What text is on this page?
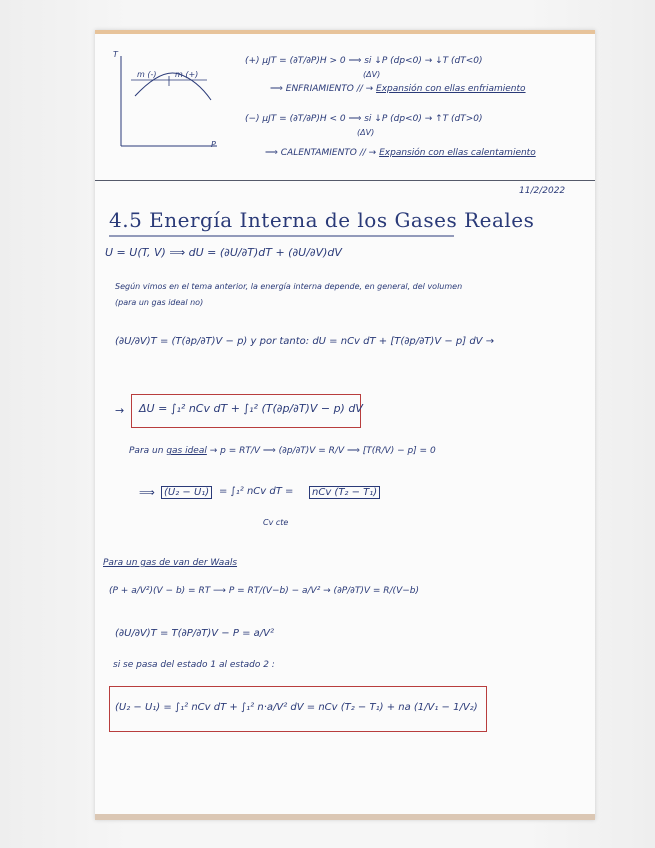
T
P
m (-) m (+)
(+) μJT = (∂T/∂P)H > 0 ⟹ si ↓P (dp<0) → ↓T (dT<0)
(ΔV)
⟹ ENFRIAMIENTO // → Expansión con ellas enfriamiento
(−) μJT = (∂T/∂P)H < 0 ⟹ si ↓P (dp<0) → ↑T (dT>0)
(ΔV)
⟹ CALENTAMIENTO // → Expansión con ellas calentamiento
11/2/2022
4.5 Energía Interna de los Gases Reales
U = U(T, V) ⟹ dU = (∂U/∂T)dT + (∂U/∂V)dV
Según vimos en el tema anterior, la energía interna depende, en general, del volumen
(para un gas ideal no)
(∂U/∂V)T = (T(∂p/∂T)V − p) y por tanto: dU = nCv dT + [T(∂p/∂T)V − p] dV →
→ ΔU = ∫₁² nCv dT + ∫₁² (T(∂p/∂T)V − p) dV
Para un gas ideal → p = RT/V ⟹ (∂p/∂T)V = R/V ⟹ [T(R/V) − p] = 0
⟹ (U₂ − U₁) = ∫₁² nCv dT =	nCv (T₂ − T₁)
Cv cte
Para un gas de van der Waals
(P + a/V²)(V − b) = RT ⟶ P = RT/(V−b) − a/V² → (∂P/∂T)V = R/(V−b)
(∂U/∂V)T = T(∂P/∂T)V − P = a/V²
si se pasa del estado 1 al estado 2 :
(U₂ − U₁) = ∫₁² nCv dT + ∫₁² n·a/V² dV = nCv (T₂ − T₁) + na (1/V₁ − 1/V₂)
